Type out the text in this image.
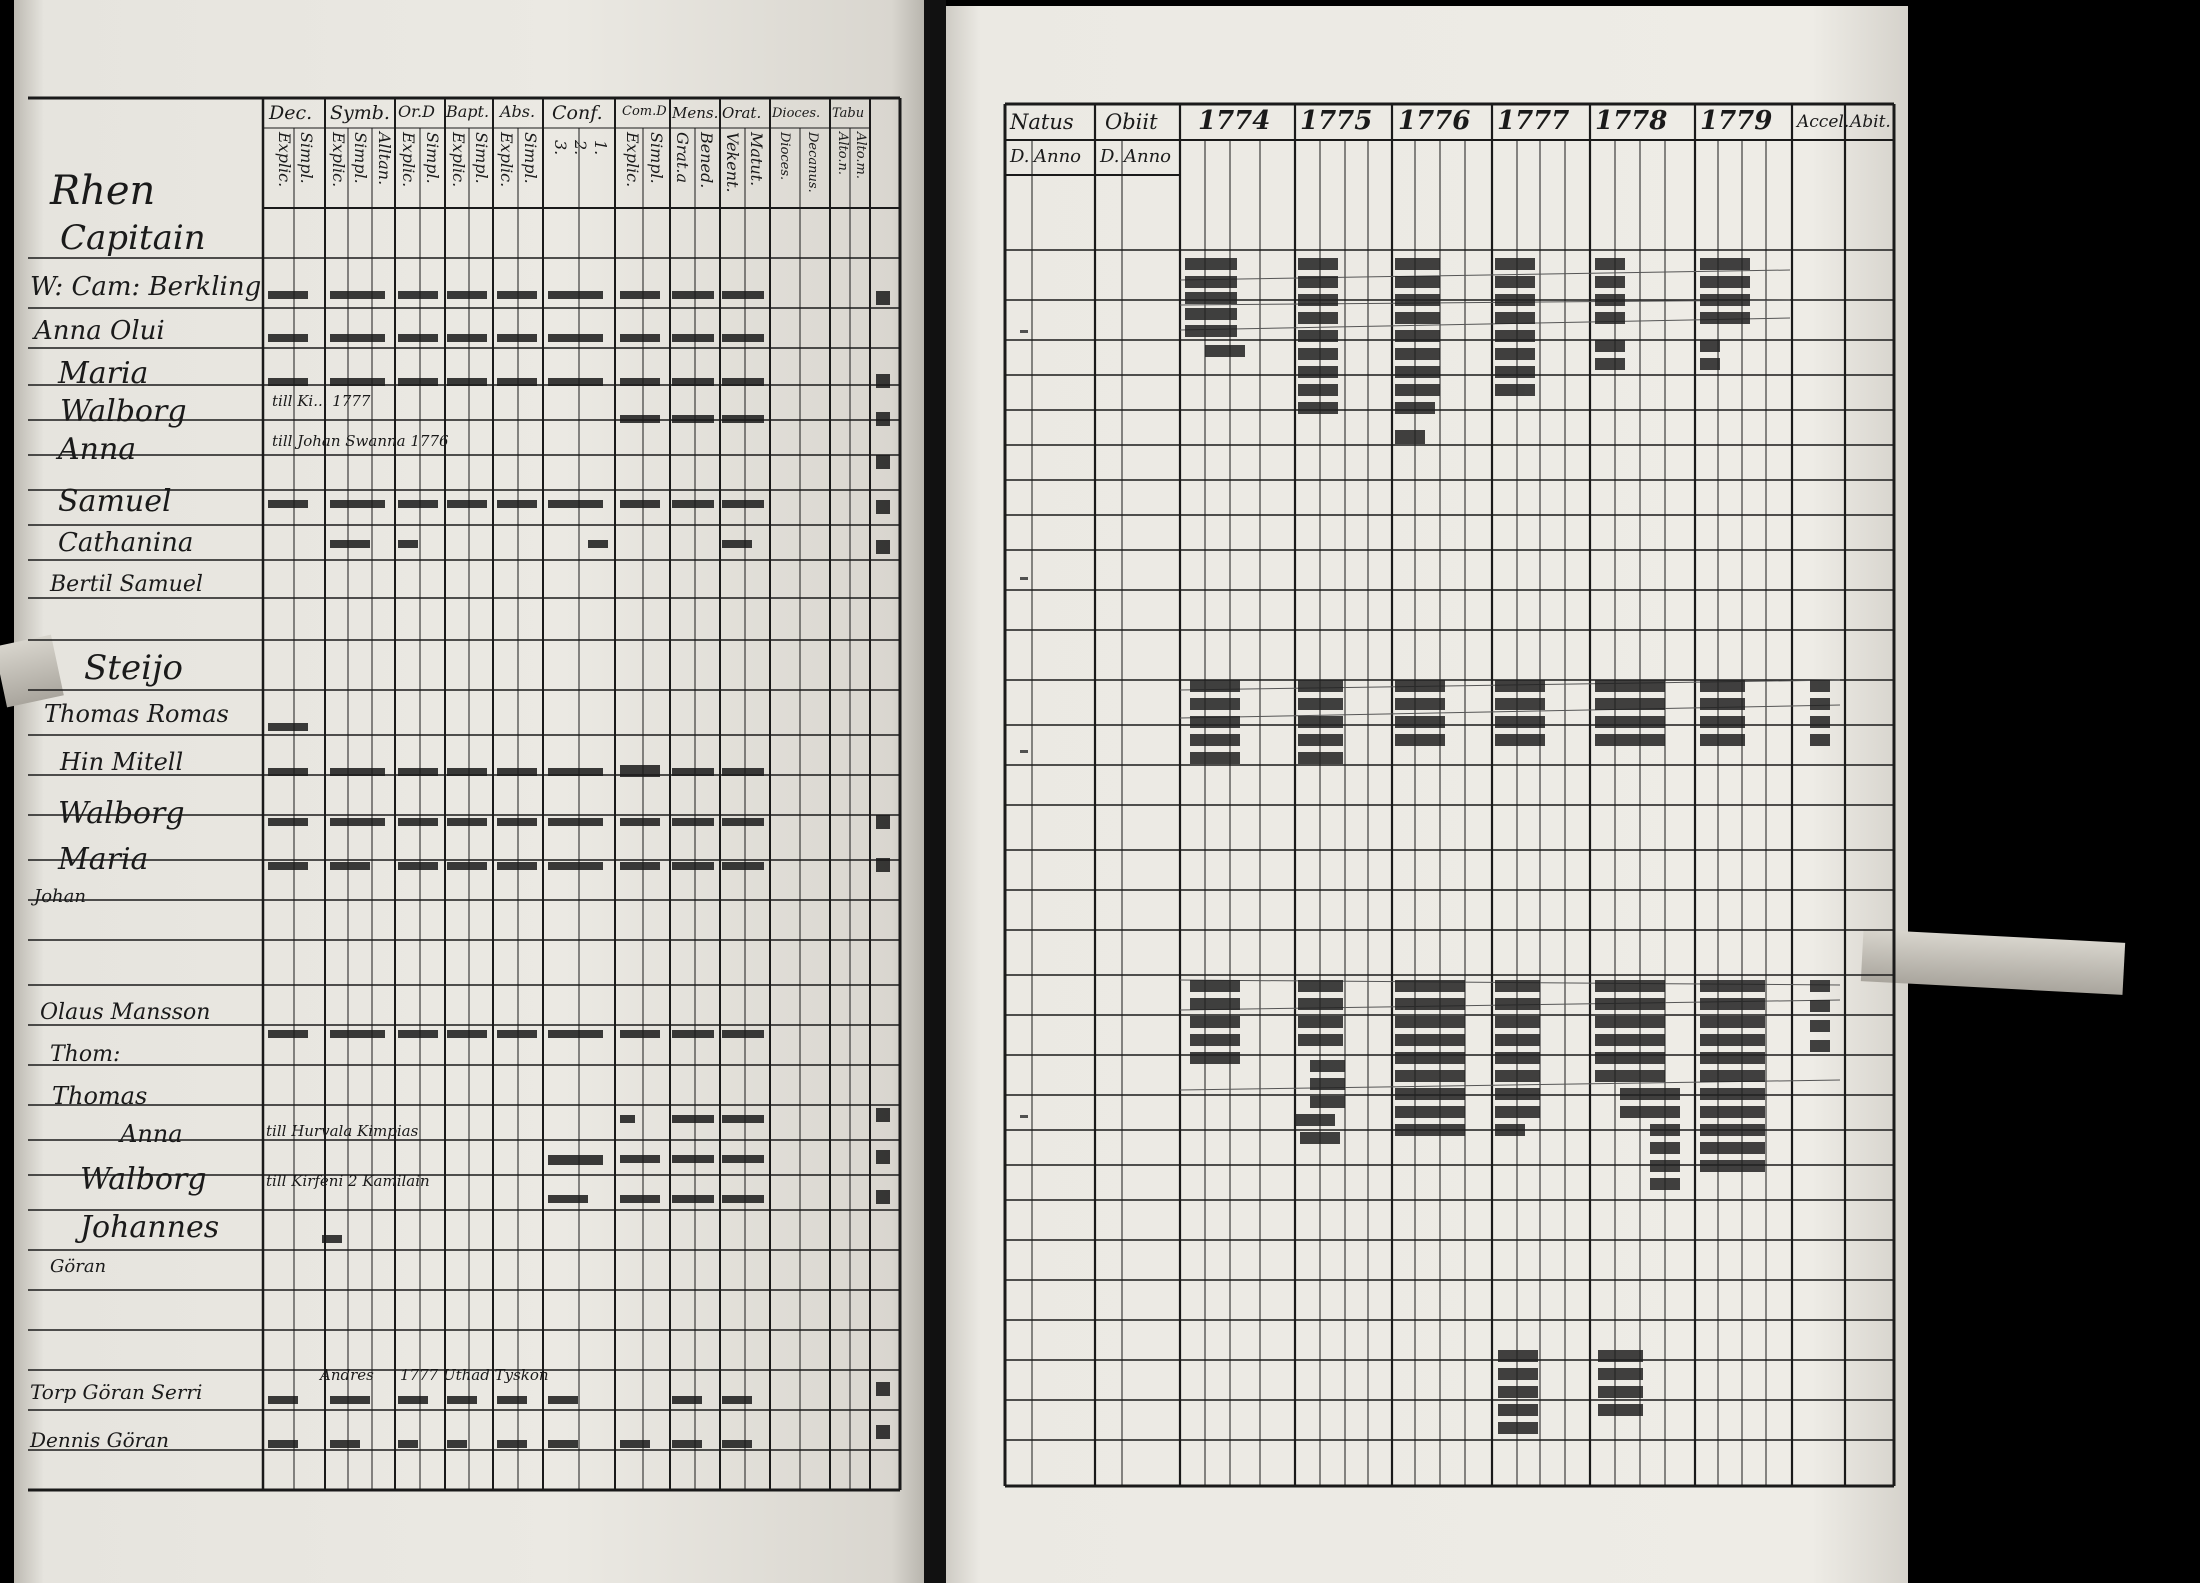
Dec. Symb. Or.D Bapt. Abs. Conf. Com.D Mens. Orat. Dioces. Tabu
Explic. Simpl. Explic. Simpl. Alltan. Explic. Simpl. Explic. Simpl. Explic. Simpl. 3. 2. 1. Explic. Simpl. Grat.a Bened. Vekent. Matut. Dioces. Decanus. Alto.n. Alto.m.
Rhen
Capitain
W: Cam: Berkling
Anna Olui
Maria
Walborg
Anna
Samuel
Cathanina
Bertil Samuel
Steijo
Thomas Romas
Hin Mitell
Walborg
Maria
Johan
Olaus Mansson
Thom:
Thomas
Anna
Walborg
Johannes
Göran
Torp Göran Serri
Dennis Göran
till Ki... 1777
till Johan Swanna 1776
till Hurvala Kimpias
till Kirfeni 2 Kamilain
1777 Uthad Tyskon
Andres
Natus Obiit 1774 1775 1776 1777 1778 1779 Accel. Abit.
D. Anno D. Anno
